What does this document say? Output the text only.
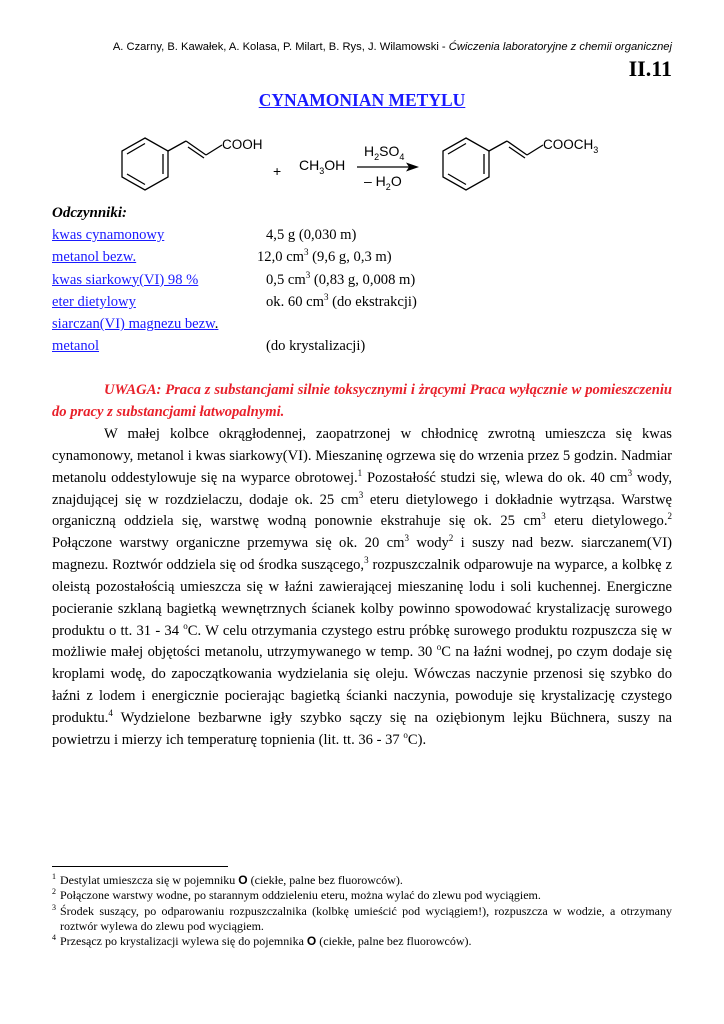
A. Czarny, B. Kawałek, A. Kolasa, P. Milart, B. Rys, J. Wilamowski - Ćwiczenia laboratoryjne z chemii organicznej
II.11
CYNAMONIAN METYLU
COOH
+ $CH_3OH$
$H_2SO_4$
– $H_2O$
$COOCH_3$
Odczynniki:
kwas cynamonowy	4,5 g (0,030 m)
metanol bezw.	12,0 $cm^3$ (9,6 g, 0,3 m)
kwas siarkowy(VI) 98 %	0,5 $cm^3$ (0,83 g, 0,008 m)
eter dietylowy	ok. 60 $cm^3$ (do ekstrakcji)
siarczan(VI) magnezu bezw.
metanol	(do krystalizacji)
UWAGA: Praca z substancjami silnie toksycznymi i żrącymi Praca wyłącznie w pomieszczeniu do pracy z substancjami łatwopalnymi.
W małej kolbce okrągłodennej, zaopatrzonej w chłodnicę zwrotną umieszcza się kwas cynamonowy, metanol i kwas siarkowy(VI). Mieszaninę ogrzewa się do wrzenia przez 5 godzin. Nadmiar metanolu oddestylowuje się na wyparce obrotowej.$^1$ Pozostałość studzi się, wlewa do ok. 40 $cm^3$ wody, znajdującej się w rozdzielaczu, dodaje ok. 25 $cm^3$ eteru dietylowego i dokładnie wytrząsa. Warstwę organiczną oddziela się, warstwę wodną ponownie ekstrahuje się ok. 25 $cm^3$ eteru dietylowego.$^2$ Połączone warstwy organiczne przemywa się ok. 20 $cm^3$ wody$^2$ i suszy nad bezw. siarczanem(VI) magnezu. Roztwór oddziela się od środka suszącego,$^3$ rozpuszczalnik odparowuje na wyparce, a kolbkę z oleistą pozostałością umieszcza się w łaźni zawierającej mieszaninę lodu i soli kuchennej. Energiczne pocieranie szklaną bagietką wewnętrznych ścianek kolby powinno spowodować krystalizację surowego produktu o tt. 31 - 34 $^o$C. W celu otrzymania czystego estru próbkę surowego produktu rozpuszcza się w możliwie małej objętości metanolu, utrzymywanego w temp. 30 $^o$C na łaźni wodnej, po czym dodaje się kroplami wodę, do zapoczątkowania wydzielania się oleju. Wówczas naczynie przenosi się szybko do łaźni z lodem i energicznie pocierając bagietką ścianki naczynia, powoduje się krystalizację czystego produktu.$^4$ Wydzielone bezbarwne igły szybko sączy się na oziębionym lejku Büchnera, suszy na powietrzu i mierzy ich temperaturę topnienia (lit. tt. 36 - 37 $^o$C).
1 Destylat umieszcza się w pojemniku O (ciekłe, palne bez fluorowców).
2 Połączone warstwy wodne, po starannym oddzieleniu eteru, można wylać do zlewu pod wyciągiem.
3 Środek suszący, po odparowaniu rozpuszczalnika (kolbkę umieścić pod wyciągiem!), rozpuszcza w wodzie, a otrzymany roztwór wylewa do zlewu pod wyciągiem.
4 Przesącz po krystalizacji wylewa się do pojemnika O (ciekłe, palne bez fluorowców).
